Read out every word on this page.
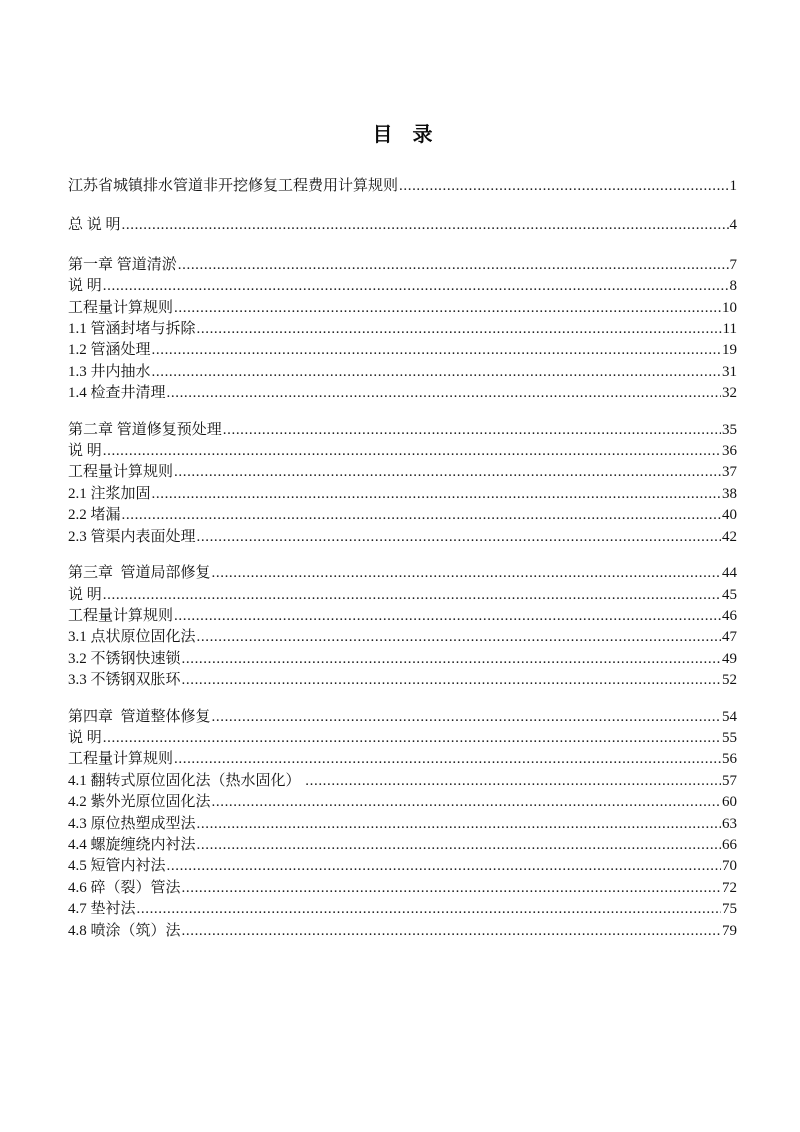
目　录
江苏省城镇排水管道非开挖修复工程费用计算规则 .....	1
总 说 明 .....	4
第一章 管道清淤 .....	7
说 明 .....	8
工程量计算规则 .....	10
1.1 管涵封堵与拆除 .....	11
1.2 管涵处理 .....	19
1.3 井内抽水 .....	31
1.4 检查井清理 .....	32
第二章 管道修复预处理 .....	35
说 明 .....	36
工程量计算规则 .....	37
2.1 注浆加固 .....	38
2.2 堵漏 .....	40
2.3 管渠内表面处理 .....	42
第三章  管道局部修复 .....	44
说 明 .....	45
工程量计算规则 .....	46
3.1 点状原位固化法 .....	47
3.2 不锈钢快速锁 .....	49
3.3 不锈钢双胀环 .....	52
第四章  管道整体修复 .....	54
说 明 .....	55
工程量计算规则 .....	56
4.1 翻转式原位固化法（热水固化） .....	57
4.2 紫外光原位固化法 .....	60
4.3 原位热塑成型法 .....	63
4.4 螺旋缠绕内衬法 .....	66
4.5 短管内衬法 .....	70
4.6 碎（裂）管法 .....	72
4.7 垫衬法 .....	75
4.8 喷涂（筑）法 .....	79
